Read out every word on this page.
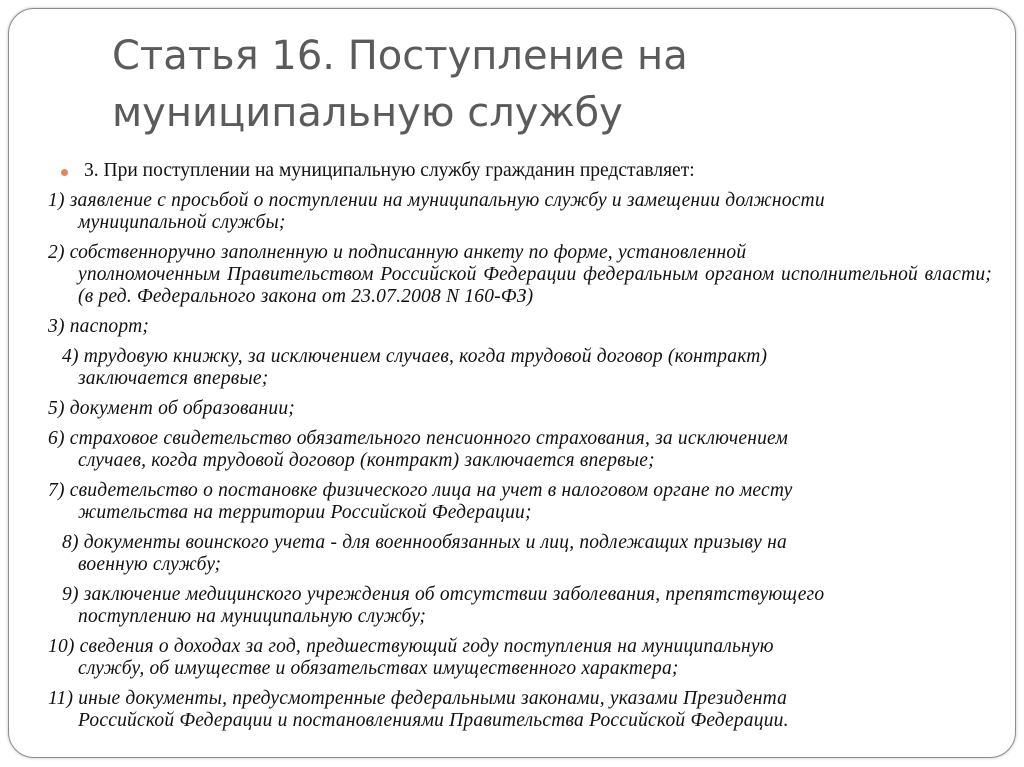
Статья 16. Поступление на муниципальную службу

3. При поступлении на муниципальную службу гражданин представляет:

1) заявление с просьбой о поступлении на муниципальную службу и замещении должности
муниципальной службы;

2) собственноручно заполненную и подписанную анкету по форме, установленной
уполномоченным Правительством Российской Федерации федеральным органом исполнительной власти; (в ред. Федерального закона от 23.07.2008 N 160-ФЗ)

3) паспорт;

4) трудовую книжку, за исключением случаев, когда трудовой договор (контракт)
заключается впервые;

5) документ об образовании;

6) страховое свидетельство обязательного пенсионного страхования, за исключением
случаев, когда трудовой договор (контракт) заключается впервые;

7) свидетельство о постановке физического лица на учет в налоговом органе по месту
жительства на территории Российской Федерации;

8) документы воинского учета - для военнообязанных и лиц, подлежащих призыву на
военную службу;

9) заключение медицинского учреждения об отсутствии заболевания, препятствующего
поступлению на муниципальную службу;

10) сведения о доходах за год, предшествующий году поступления на муниципальную
службу, об имуществе и обязательствах имущественного характера;

11) иные документы, предусмотренные федеральными законами, указами Президента
Российской Федерации и постановлениями Правительства Российской Федерации.
